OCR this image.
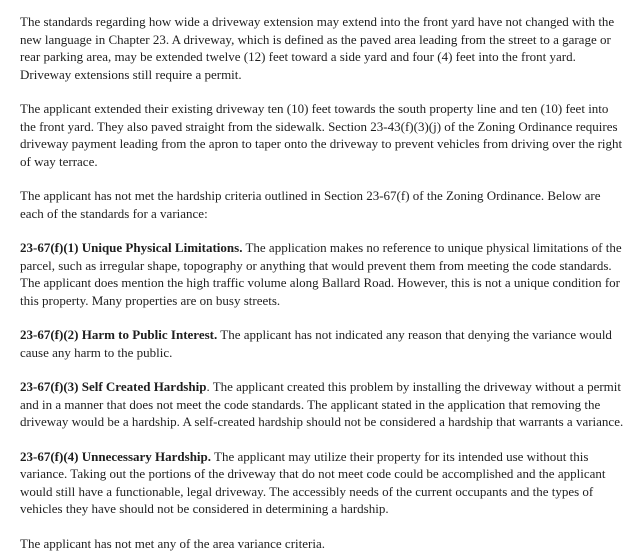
The standards regarding how wide a driveway extension may extend into the front yard have not changed with the new language in Chapter 23. A driveway, which is defined as the paved area leading from the street to a garage or rear parking area, may be extended twelve (12) feet toward a side yard and four (4) feet into the front yard. Driveway extensions still require a permit.

The applicant extended their existing driveway ten (10) feet towards the south property line and ten (10) feet into the front yard. They also paved straight from the sidewalk. Section 23-43(f)(3)(j) of the Zoning Ordinance requires driveway payment leading from the apron to taper onto the driveway to prevent vehicles from driving over the right of way terrace.

The applicant has not met the hardship criteria outlined in Section 23-67(f) of the Zoning Ordinance. Below are each of the standards for a variance:

23-67(f)(1) Unique Physical Limitations. The application makes no reference to unique physical limitations of the parcel, such as irregular shape, topography or anything that would prevent them from meeting the code standards. The applicant does mention the high traffic volume along Ballard Road. However, this is not a unique condition for this property. Many properties are on busy streets.

23-67(f)(2) Harm to Public Interest. The applicant has not indicated any reason that denying the variance would cause any harm to the public.

23-67(f)(3) Self Created Hardship. The applicant created this problem by installing the driveway without a permit and in a manner that does not meet the code standards. The applicant stated in the application that removing the driveway would be a hardship. A self-created hardship should not be considered a hardship that warrants a variance.

23-67(f)(4) Unnecessary Hardship. The applicant may utilize their property for its intended use without this variance. Taking out the portions of the driveway that do not meet code could be accomplished and the applicant would still have a functionable, legal driveway. The accessibly needs of the current occupants and the types of vehicles they have should not be considered in determining a hardship.

The applicant has not met any of the area variance criteria.
